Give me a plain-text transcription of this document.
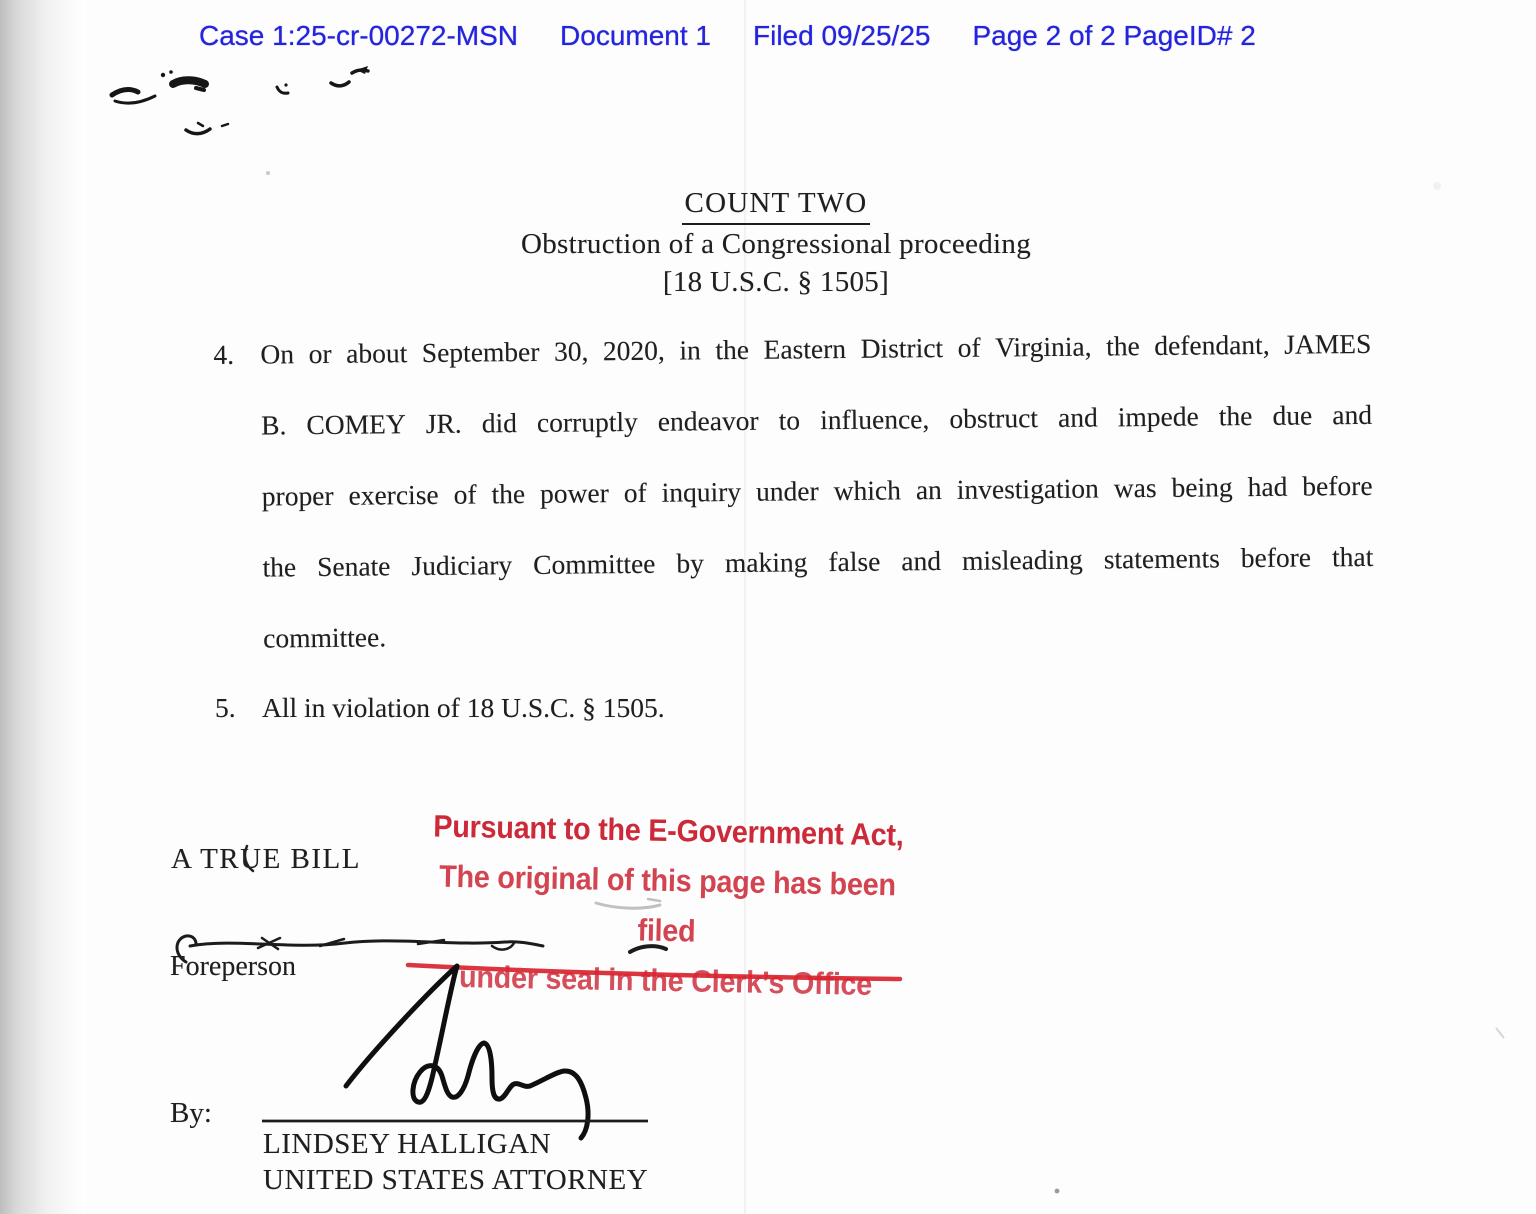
Case 1:25-cr-00272-MSN Document 1 Filed 09/25/25 Page 2 of 2 PageID# 2
COUNT TWO
Obstruction of a Congressional proceeding
[18 U.S.C. § 1505]
4. On or about September 30, 2020, in the Eastern District of Virginia, the defendant, JAMES
B. COMEY JR. did corruptly endeavor to influence, obstruct and impede the due and
proper exercise of the power of inquiry under which an investigation was being had before
the Senate Judiciary Committee by making false and misleading statements before that
committee.
5. All in violation of 18 U.S.C. § 1505.
A TRUE BILL
Pursuant to the E-Government Act,
The original of this page has been filed
under seal in the Clerk’s Office
Foreperson
By:
LINDSEY HALLIGAN
UNITED STATES ATTORNEY
